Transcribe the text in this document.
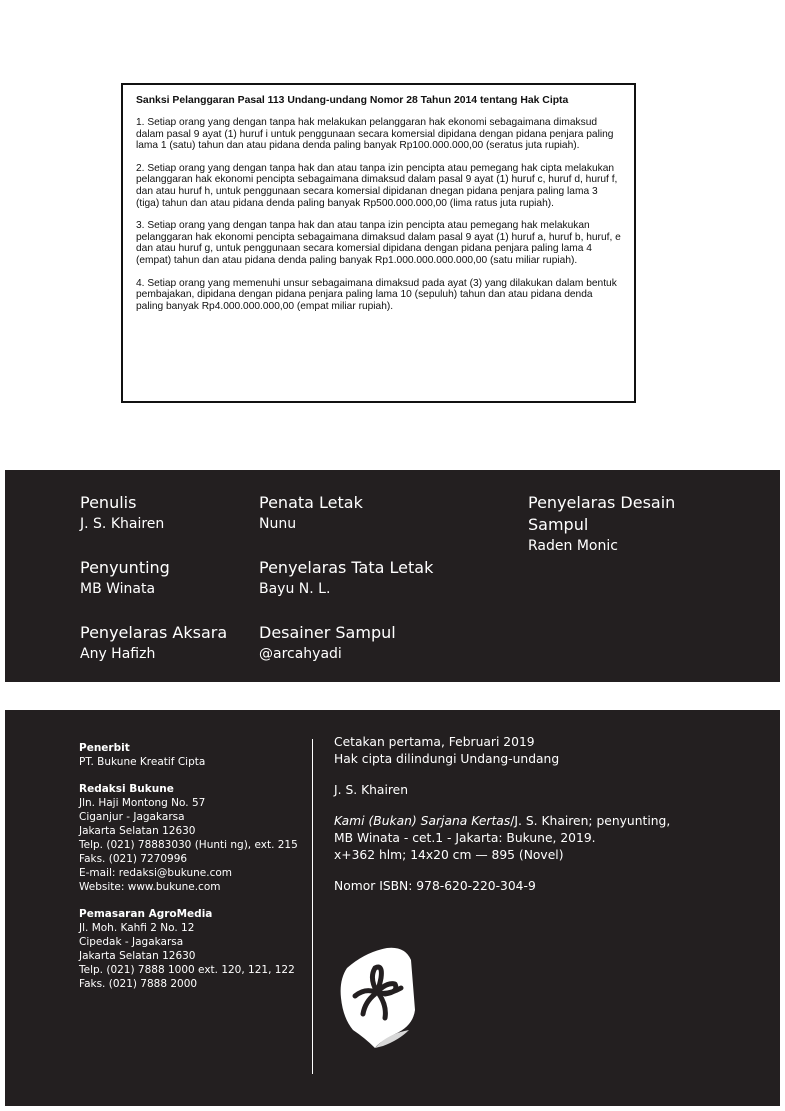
Sanksi Pelanggaran Pasal 113 Undang-undang Nomor 28 Tahun 2014 tentang Hak Cipta

1. Setiap orang yang dengan tanpa hak melakukan pelanggaran hak ekonomi sebagaimana dimaksud dalam pasal 9 ayat (1) huruf i untuk penggunaan secara komersial dipidana dengan pidana penjara paling lama 1 (satu) tahun dan atau pidana denda paling banyak Rp100.000.000,00 (seratus juta rupiah).

2. Setiap orang yang dengan tanpa hak dan atau tanpa izin pencipta atau pemegang hak cipta melakukan pelanggaran hak ekonomi pencipta sebagaimana dimaksud dalam pasal 9 ayat (1) huruf c, huruf d, huruf f, dan atau huruf h, untuk penggunaan secara komersial dipidanan dnegan pidana penjara paling lama 3 (tiga) tahun dan atau pidana denda paling banyak Rp500.000.000,00 (lima ratus juta rupiah).

3. Setiap orang yang dengan tanpa hak dan atau tanpa izin pencipta atau pemegang hak melakukan pelanggaran hak ekonomi pencipta sebagaimana dimaksud dalam pasal 9 ayat (1) huruf a, huruf b, huruf, e dan atau huruf g, untuk penggunaan secara komersial dipidana dengan pidana penjara paling lama 4 (empat) tahun dan atau pidana denda paling banyak Rp1.000.000.000.000,00 (satu miliar rupiah).

4. Setiap orang yang memenuhi unsur sebagaimana dimaksud pada ayat (3) yang dilakukan dalam bentuk pembajakan, dipidana dengan pidana penjara paling lama 10 (sepuluh) tahun dan atau pidana denda paling banyak Rp4.000.000.000,00 (empat miliar rupiah).

Penulis
J. S. Khairen
Penata Letak
Nunu
Penyelaras Desain
Sampul
Raden Monic
Penyunting
MB Winata
Penyelaras Tata Letak
Bayu N. L.
Penyelaras Aksara
Any Hafizh
Desainer Sampul
@arcahyadi
Penerbit
PT. Bukune Kreatif Cipta
Redaksi Bukune
Jln. Haji Montong No. 57
Ciganjur - Jagakarsa
Jakarta Selatan 12630
Telp. (021) 78883030 (Hunti ng), ext. 215
Faks. (021) 7270996
E-mail: redaksi@bukune.com
Website: www.bukune.com
Pemasaran AgroMedia
Jl. Moh. Kahfi 2 No. 12
Cipedak - Jagakarsa
Jakarta Selatan 12630
Telp. (021) 7888 1000 ext. 120, 121, 122
Faks. (021) 7888 2000
Cetakan pertama, Februari 2019
Hak cipta dilindungi Undang-undang
J. S. Khairen
Kami (Bukan) Sarjana Kertas/J. S. Khairen; penyunting,
MB Winata - cet.1 - Jakarta: Bukune, 2019.
x+362 hlm; 14x20 cm — 895 (Novel)
Nomor ISBN: 978-620-220-304-9
